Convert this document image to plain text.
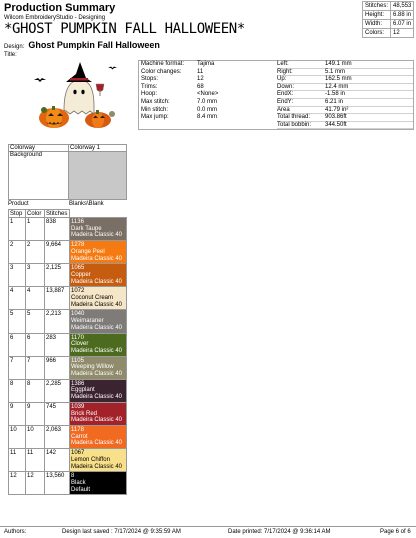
Production Summary
Wilcom EmbroideryStudio - Designing
*GHOST PUMPKIN FALL HALLOWEEN*
Design: Ghost Pumpkin Fall Halloween
Title:
Stitches:	48,553
Height:	6.88 in
Width:	6.07 in
Colors:	12
Machine format:	Tajima
Color changes:	11
Stops:	12
Trims:	68
Hoop:	<None>
Max stitch:	7.0 mm
Min stitch:	0.0 mm
Max jump:	8.4 mm
Left:	149.1 mm
Right:	5.1 mm
Up:	162.5 mm
Down:	12.4 mm
EndX:	-1.58 in
EndY:	6.21 in
Area	41.79 in²
Total thread:	903.86ft
Total bobbin:	344.50ft
Colorway	Colorway 1
Background	
Product	Blanks\Blank
Stop	Color	Stitches	
1	1	838	1136
Dark Taupe
Madeira Classic 40

2	2	9,664	1278
Orange Peel
Madeira Classic 40

3	3	2,125	1065
Copper
Madeira Classic 40

4	4	13,887	1072
Coconut Cream
Madeira Classic 40

5	5	2,213	1040
Weimaraner
Madeira Classic 40

6	6	283	1170
Clover
Madeira Classic 40

7	7	966	1105
Weeping Willow
Madeira Classic 40

8	8	2,285	1386
Eggplant
Madeira Classic 40

9	9	745	1039
Brick Red
Madeira Classic 40

10	10	2,063	1178
Carrot
Madeira Classic 40

11	11	142	1067
Lemon Chiffon
Madeira Classic 40

12	12	13,560	8
Black
Default
Authors:	Design last saved : 7/17/2024 @ 9:35:59 AM	Date printed: 7/17/2024 @ 9:36:14 AM	Page 6 of 6
